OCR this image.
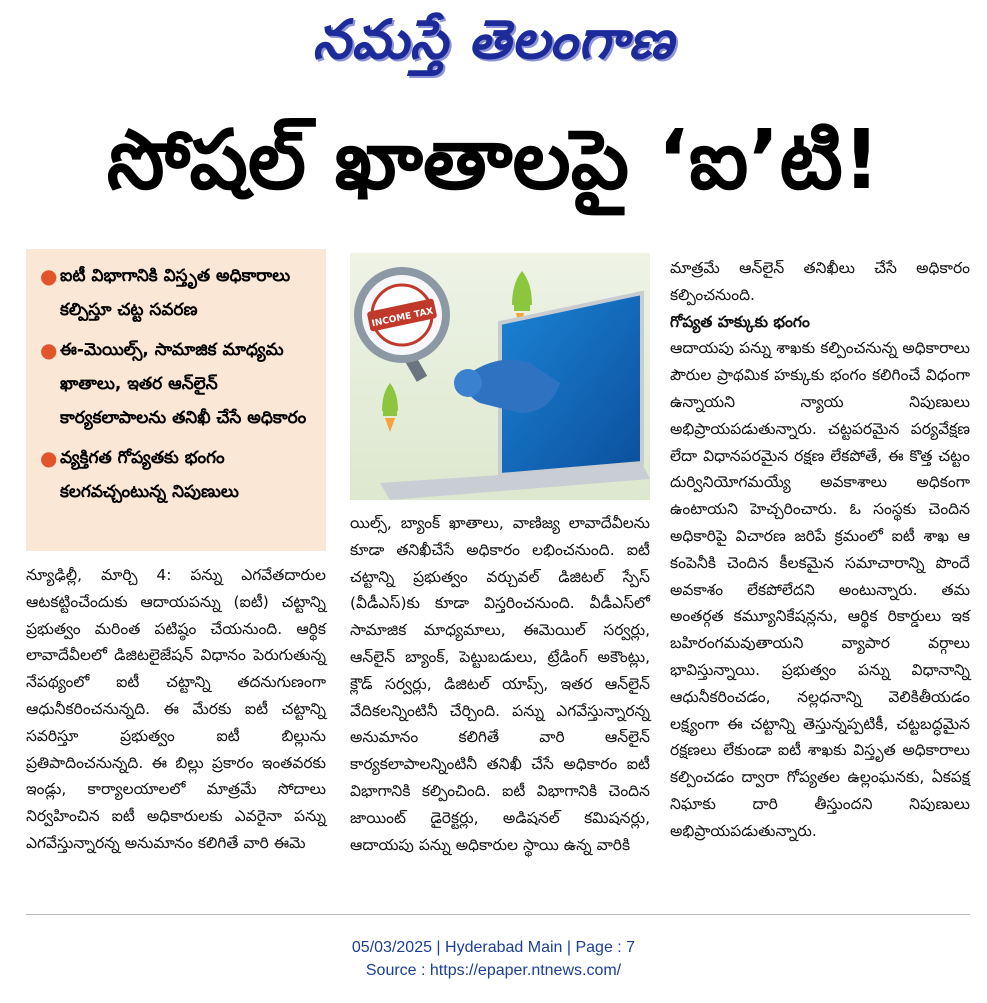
నమస్తే తెలంగాణ
సోషల్ ఖాతాలపై ‘ఐ’టి!
● ఐటీ విభాగానికి విస్తృత అధికారాలు కల్పిస్తూ చట్ట సవరణ
● ఈ-మెయిల్స్, సామాజిక మాధ్యమ ఖాతాలు, ఇతర ఆన్‌లైన్ కార్యకలాపాలను తనిఖీ చేసే అధికారం
● వ్యక్తిగత గోప్యతకు భంగం కలగవచ్చంటున్న నిపుణులు
INCOME TAX

న్యూఢిల్లీ, మార్చి 4: పన్ను ఎగవేతదారుల ఆటకట్టించేందుకు ఆదాయపన్ను (ఐటీ) చట్టాన్ని ప్రభుత్వం మరింత పటిష్ఠం చేయనుంది. ఆర్థిక లావాదేవీలలో డిజిటలైజేషన్ విధానం పెరుగుతున్న నేపథ్యంలో ఐటీ చట్టాన్ని తదనుగుణంగా ఆధునీకరించనున్నది. ఈ మేరకు ఐటీ చట్టాన్ని సవరిస్తూ ప్రభుత్వం ఐటీ బిల్లును ప్రతిపాదించనున్నది. ఈ బిల్లు ప్రకారం ఇంతవరకు ఇండ్లు, కార్యాలయాలలో మాత్రమే సోదాలు నిర్వహించిన ఐటీ అధికారులకు ఎవరైనా పన్ను ఎగవేస్తున్నారన్న అనుమానం కలిగితే వారి ఈమె

యిల్స్, బ్యాంక్ ఖాతాలు, వాణిజ్య లావాదేవీలను కూడా తనిఖీచేసే అధికారం లభించనుంది. ఐటీ చట్టాన్ని ప్రభుత్వం వర్చువల్ డిజిటల్ స్పేస్ (వీడీఎస్)కు కూడా విస్తరించనుంది. వీడీఎస్‌లో సామాజిక మాధ్యమాలు, ఈమెయిల్ సర్వర్లు, ఆన్‌లైన్ బ్యాంక్, పెట్టుబడులు, ట్రేడింగ్ అకౌంట్లు, క్లౌడ్ సర్వర్లు, డిజిటల్ యాప్స్, ఇతర ఆన్‌లైన్ వేదికలన్నింటినీ చేర్చింది. పన్ను ఎగవేస్తున్నారన్న అనుమానం కలిగితే వారి ఆన్‌లైన్ కార్యకలాపాలన్నింటినీ తనిఖీ చేసే అధికారం ఐటీ విభాగానికి కల్పించింది. ఐటీ విభాగానికి చెందిన జాయింట్ డైరెక్టర్లు, అడిషనల్ కమిషనర్లు, ఆదాయపు పన్ను అధికారుల స్థాయి ఉన్న వారికి

మాత్రమే ఆన్‌లైన్ తనిఖీలు చేసే అధికారం కల్పించనుంది.

గోప్యత హక్కుకు భంగం

ఆదాయపు పన్ను శాఖకు కల్పించనున్న అధికారాలు పౌరుల ప్రాథమిక హక్కుకు భంగం కలిగించే విధంగా ఉన్నాయని న్యాయ నిపుణులు అభిప్రాయపడుతున్నారు. చట్టపరమైన పర్యవేక్షణ లేదా విధానపరమైన రక్షణ లేకపోతే, ఈ కొత్త చట్టం దుర్వినియోగమయ్యే అవకాశాలు అధికంగా ఉంటాయని హెచ్చరించారు. ఓ సంస్థకు చెందిన అధికారిపై విచారణ జరిపే క్రమంలో ఐటీ శాఖ ఆ కంపెనీకి చెందిన కీలకమైన సమాచారాన్ని పొందే అవకాశం లేకపోలేదని అంటున్నారు. తమ అంతర్గత కమ్యూనికేషన్లను, ఆర్థిక రికార్డులు ఇక బహిరంగమవుతాయని వ్యాపార వర్గాలు భావిస్తున్నాయి. ప్రభుత్వం పన్ను విధానాన్ని ఆధునీకరించడం, నల్లధనాన్ని వెలికితీయడం లక్ష్యంగా ఈ చట్టాన్ని తెస్తున్నప్పటికీ, చట్టబద్ధమైన రక్షణలు లేకుండా ఐటీ శాఖకు విస్తృత అధికారాలు కల్పించడం ద్వారా గోప్యతల ఉల్లంఘనకు, ఏకపక్ష నిఘాకు దారి తీస్తుందని నిపుణులు అభిప్రాయపడుతున్నారు.

05/03/2025 | Hyderabad Main | Page : 7
Source : https://epaper.ntnews.com/
